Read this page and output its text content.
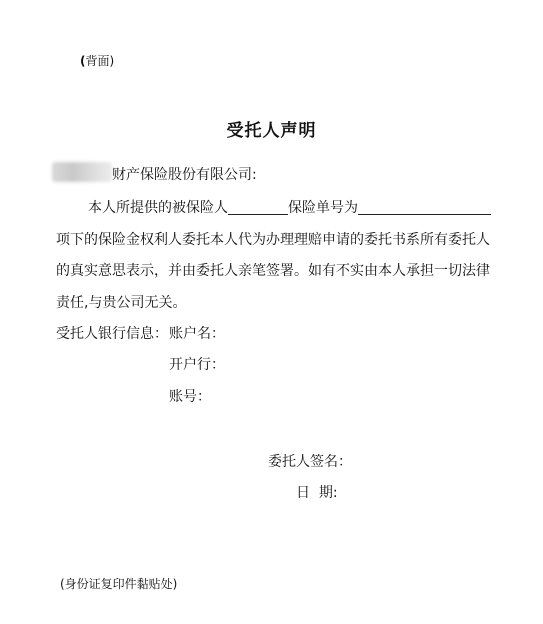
(背面)
受托人声明
财产保险股份有限公司:
本人所提供的被保险人	保险单号为
项下的保险金权利人委托本人代为办理理赔申请的委托书系所有委托人
的真实意思表示，并由委托人亲笔签署。如有不实由本人承担一切法律
责任,与贵公司无关。
受托人银行信息： 账户名：
开户行：
账号：
委托人签名：
日  期:
(身份证复印件黏贴处)
